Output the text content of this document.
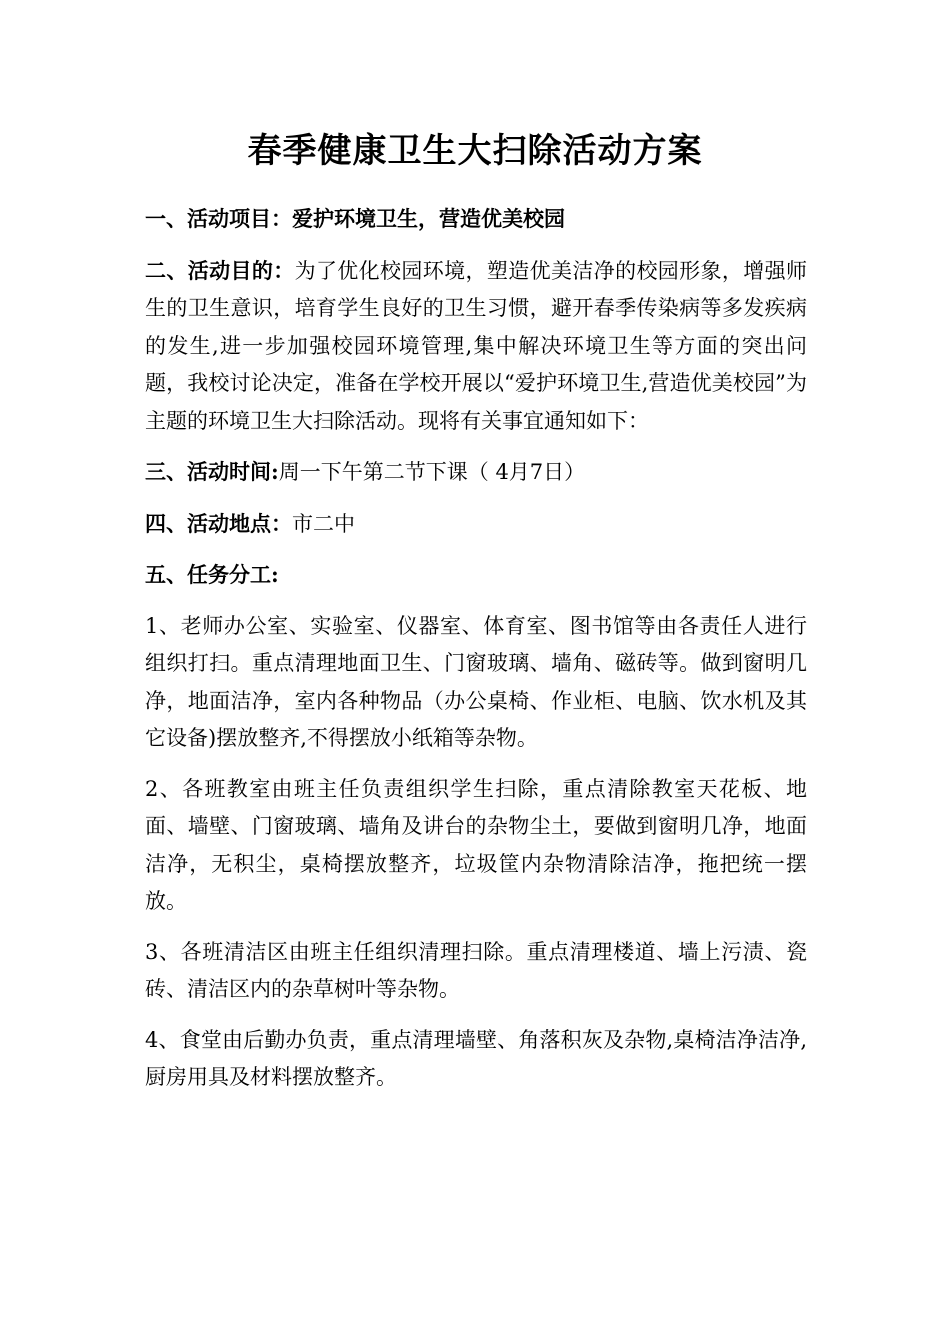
春季健康卫生大扫除活动方案

一、活动项目：爱护环境卫生，营造优美校园

二、活动目的：为了优化校园环境，塑造优美洁净的校园形象，增强师生的卫生意识，培育学生良好的卫生习惯，避开春季传染病等多发疾病的发生,进一步加强校园环境管理,集中解决环境卫生等方面的突出问题，我校讨论决定，准备在学校开展以“爱护环境卫生,营造优美校园”为主题的环境卫生大扫除活动。现将有关事宜通知如下：

三、活动时间:周一下午第二节下课（ 4月7日）

四、活动地点：市二中

五、任务分工:

1、老师办公室、实验室、仪器室、体育室、图书馆等由各责任人进行组织打扫。重点清理地面卫生、门窗玻璃、墙角、磁砖等。做到窗明几净，地面洁净，室内各种物品（办公桌椅、作业柜、电脑、饮水机及其它设备)摆放整齐,不得摆放小纸箱等杂物。

2、各班教室由班主任负责组织学生扫除，重点清除教室天花板、地面、墙壁、门窗玻璃、墙角及讲台的杂物尘土，要做到窗明几净，地面洁净，无积尘，桌椅摆放整齐，垃圾筐内杂物清除洁净，拖把统一摆放。

3、各班清洁区由班主任组织清理扫除。重点清理楼道、墙上污渍、瓷砖、清洁区内的杂草树叶等杂物。

4、食堂由后勤办负责，重点清理墙壁、角落积灰及杂物,桌椅洁净洁净,厨房用具及材料摆放整齐。
